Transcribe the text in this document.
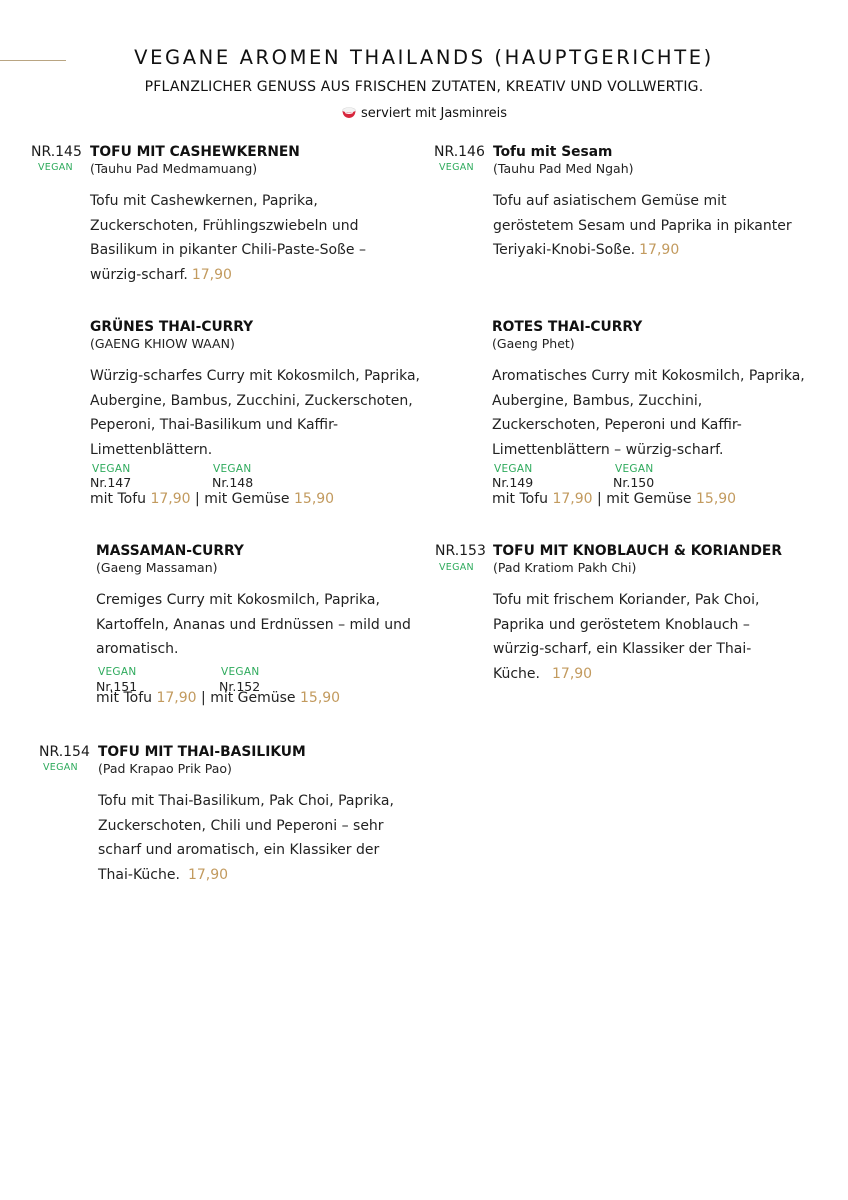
VEGANE AROMEN THAILANDS (HAUPTGERICHTE)

PFLANZLICHER GENUSS AUS FRISCHEN ZUTATEN, KREATIV UND VOLLWERTIG.

serviert mit Jasminreis
NR.145
VEGAN
TOFU MIT CASHEWKERNEN
(Tauhu Pad Medmamuang)
Tofu mit Cashewkernen, Paprika, Zuckerschoten, Frühlingszwiebeln und Basilikum in pikanter Chili-Paste-Soße – würzig-scharf. 17,90
NR.146
VEGAN
Tofu mit Sesam
(Tauhu Pad Med Ngah)
Tofu auf asiatischem Gemüse mit geröstetem Sesam und Paprika in pikanter Teriyaki-Knobi-Soße. 17,90
GRÜNES THAI-CURRY
(GAENG KHIOW WAAN)
Würzig-scharfes Curry mit Kokosmilch, Paprika, Aubergine, Bambus, Zucchini, Zuckerschoten, Peperoni, Thai-Basilikum und Kaffir-Limettenblättern.
VEGAN
Nr.147
VEGAN
Nr.148
mit Tofu 17,90 | mit Gemüse 15,90
ROTES THAI-CURRY
(Gaeng Phet)
Aromatisches Curry mit Kokosmilch, Paprika, Aubergine, Bambus, Zucchini, Zuckerschoten, Peperoni und Kaffir-Limettenblättern – würzig-scharf.
VEGAN
Nr.149
VEGAN
Nr.150
mit Tofu 17,90 | mit Gemüse 15,90
MASSAMAN-CURRY
(Gaeng Massaman)
Cremiges Curry mit Kokosmilch, Paprika, Kartoffeln, Ananas und Erdnüssen – mild und aromatisch.
VEGAN
Nr.151
VEGAN
Nr.152
mit Tofu 17,90 | mit Gemüse 15,90
NR.153
VEGAN
TOFU MIT KNOBLAUCH & KORIANDER
(Pad Kratiom Pakh Chi)
Tofu mit frischem Koriander, Pak Choi, Paprika und geröstetem Knoblauch – würzig-scharf, ein Klassiker der Thai-Küche. 17,90
NR.154
VEGAN
TOFU MIT THAI-BASILIKUM
(Pad Krapao Prik Pao)
Tofu mit Thai-Basilikum, Pak Choi, Paprika, Zuckerschoten, Chili und Peperoni – sehr scharf und aromatisch, ein Klassiker der Thai-Küche. 17,90
